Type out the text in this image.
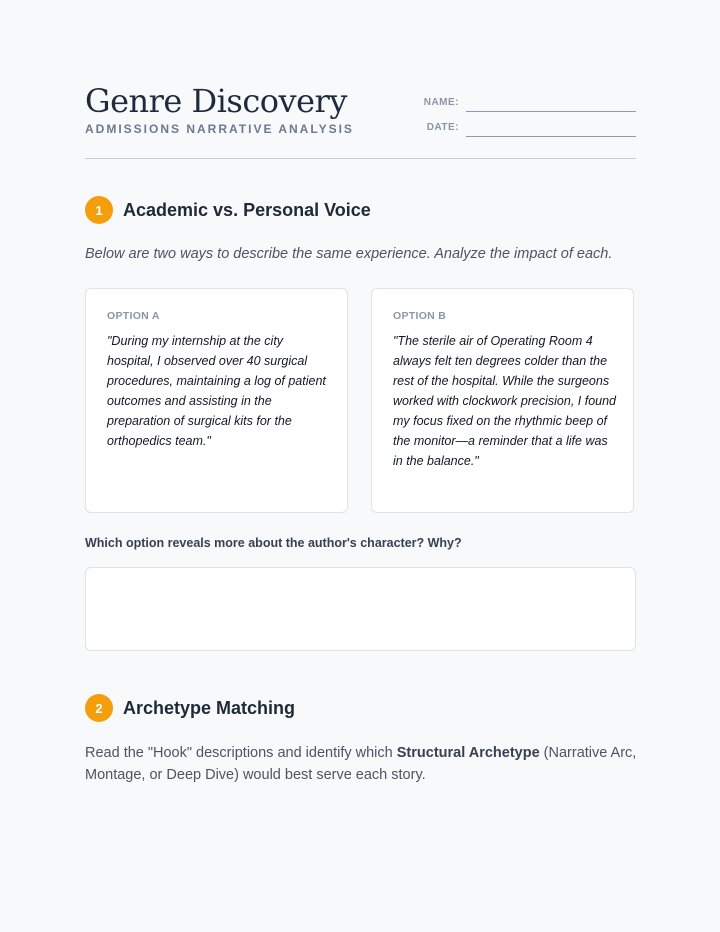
Genre Discovery
ADMISSIONS NARRATIVE ANALYSIS
NAME:
DATE:
1	Academic vs. Personal Voice
Below are two ways to describe the same experience. Analyze the impact of each.
OPTION A
"During my internship at the city hospital, I observed over 40 surgical procedures, maintaining a log of patient outcomes and assisting in the preparation of surgical kits for the orthopedics team."
OPTION B
"The sterile air of Operating Room 4 always felt ten degrees colder than the rest of the hospital. While the surgeons worked with clockwork precision, I found my focus fixed on the rhythmic beep of the monitor—a reminder that a life was in the balance."
Which option reveals more about the author's character? Why?
2	Archetype Matching
Read the "Hook" descriptions and identify which Structural Archetype (Narrative Arc, Montage, or Deep Dive) would best serve each story.
